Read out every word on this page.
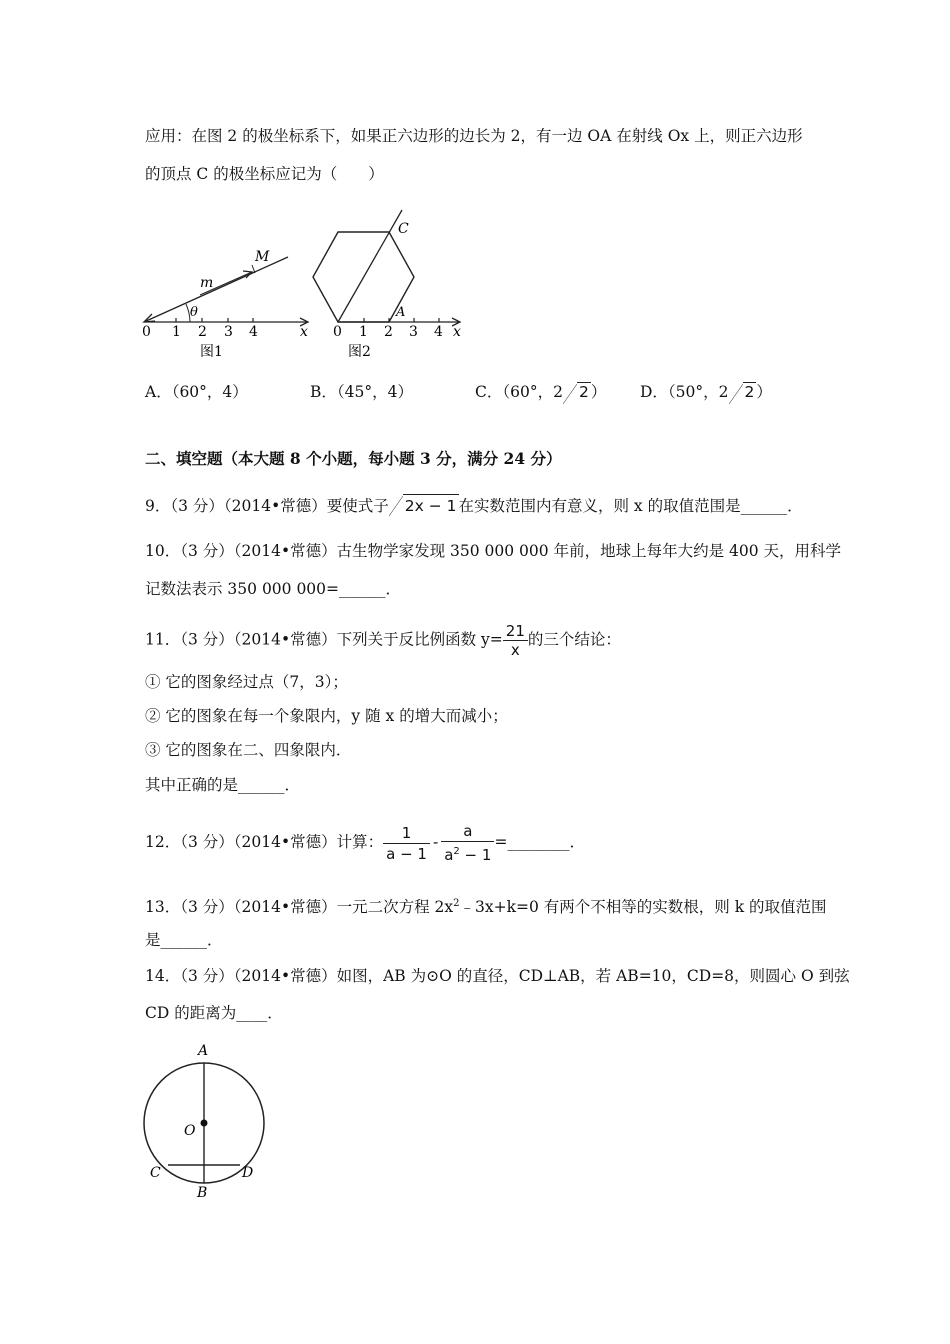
应用：在图 2 的极坐标系下，如果正六边形的边长为 2，有一边 OA 在射线 Ox 上，则正六边形
的顶点 C 的极坐标应记为（　　）
M
m
θ
x
0 1 2 3 4
图1
C
A
x
0 1 2 3 4
图2
A．（60°，4）	B．（45°，4）	C．（60°，2 2 ） D．（50°，2 2 ）
二、填空题（本大题 8 个小题，每小题 3 分，满分 24 分）
9．（3 分）（2014•常德）要使式子 2x − 1 在实数范围内有意义，则 x 的取值范围是______．
10．（3 分）（2014•常德）古生物学家发现 350 000 000 年前，地球上每年大约是 400 天，用科学
记数法表示 350 000 000=______．
11．（3 分）（2014•常德）下列关于反比例函数 $y= \frac{21}{x}$ 的三个结论：
① 它的图象经过点（7，3）；
② 它的图象在每一个象限内，y 随 x 的增大而减小；
③ 它的图象在二、四象限内．
其中正确的是______．
12．（3 分）（2014•常德）计算： $\frac{1}{a - 1} - \frac{a}{a^2 - 1}$ =________．
13．（3 分）（2014•常德）一元二次方程 $2x^2﹣3x+k=0$ 有两个不相等的实数根，则 k 的取值范围
是______．
14．（3 分）（2014•常德）如图，AB 为⊙O 的直径，CD⊥AB，若 AB=10，CD=8，则圆心 O 到弦
CD 的距离为____．
A
O
C	D
B
